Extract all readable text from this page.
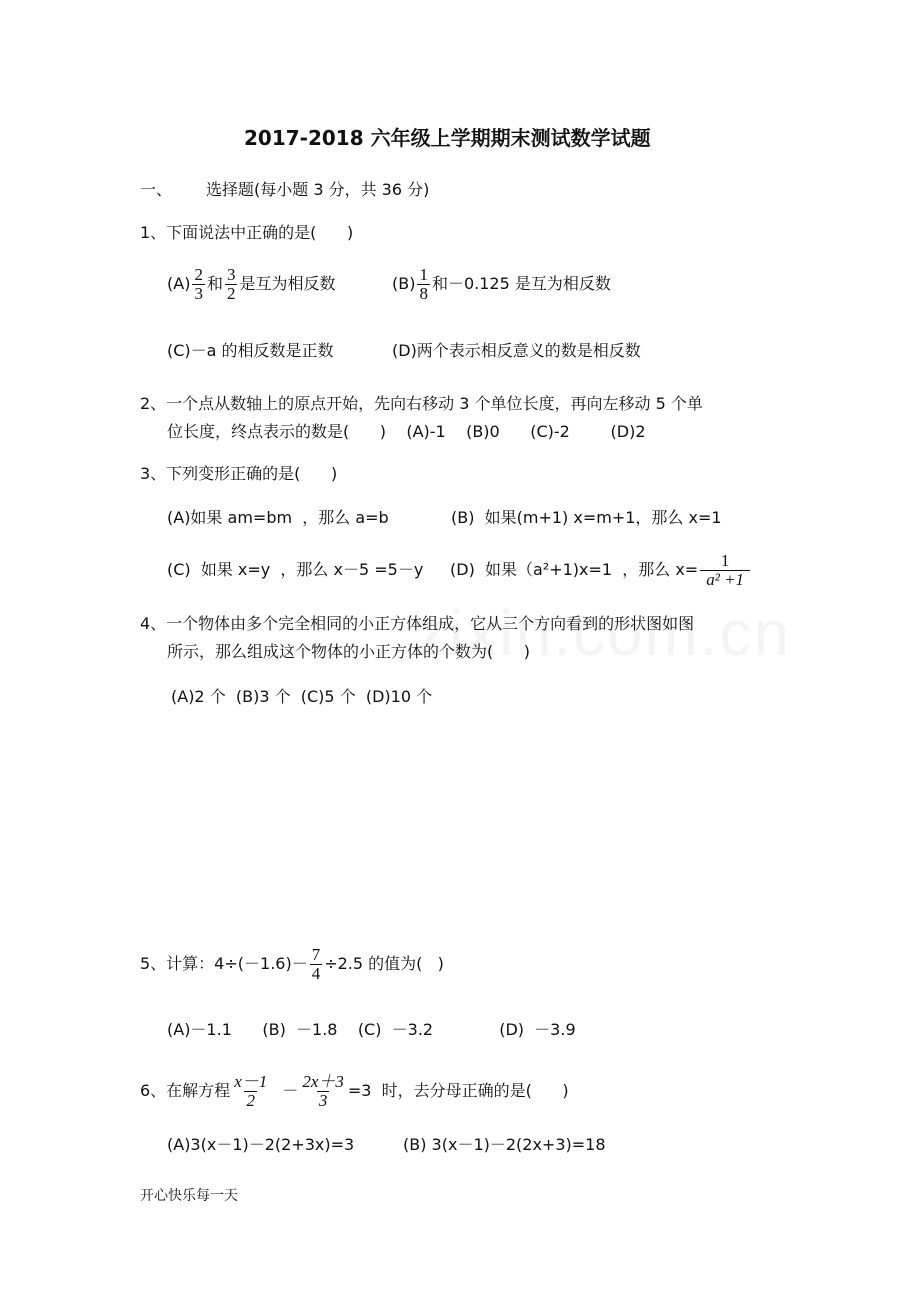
2017-2018 六年级上学期期末测试数学试题
一、 选择题(每小题 3 分，共 36 分)
1、下面说法中正确的是(      )
$(A) \frac{2}{3}$ 和 $\frac{3}{2}$ 是互为相反数	$(B) \frac{1}{8}$ 和－0.125 是互为相反数
(C)－a 的相反数是正数	(D)两个表示相反意义的数是相反数
2、一个点从数轴上的原点开始，先向右移动 3 个单位长度，再向左移动 5 个单
位长度，终点表示的数是(      )    (A)-1    (B)0      (C)-2        (D)2
3、下列变形正确的是(      )
(A)如果 am=bm  ，那么 a=b	(B)  如果(m+1) x=m+1，那么 x=1
(C)  如果 x=y  ，那么 x－5 =5－y (D)  如果（a²+1)x=1  ，那么 $x= \frac{1}{\text{a² +1}}$
4、一个物体由多个完全相同的小正方体组成，它从三个方向看到的形状图如图
所示，那么组成这个物体的小正方体的个数为(      )
(A)2 个  (B)3 个  (C)5 个  (D)10 个
5、计算：$4\div(-1.6)- \frac{7}{4} \div 2.5$ 的值为(   )
(A)－1.1      (B)  －1.8    (C)  －3.2             (D)  －3.9
6、在解方程 $\frac{x-1}{2} - \frac{2x+3}{3} =3$  时，去分母正确的是(      )
(A)3(x－1)－2(2+3x)=3	(B) 3(x－1)－2(2x+3)=18
开心快乐每一天
